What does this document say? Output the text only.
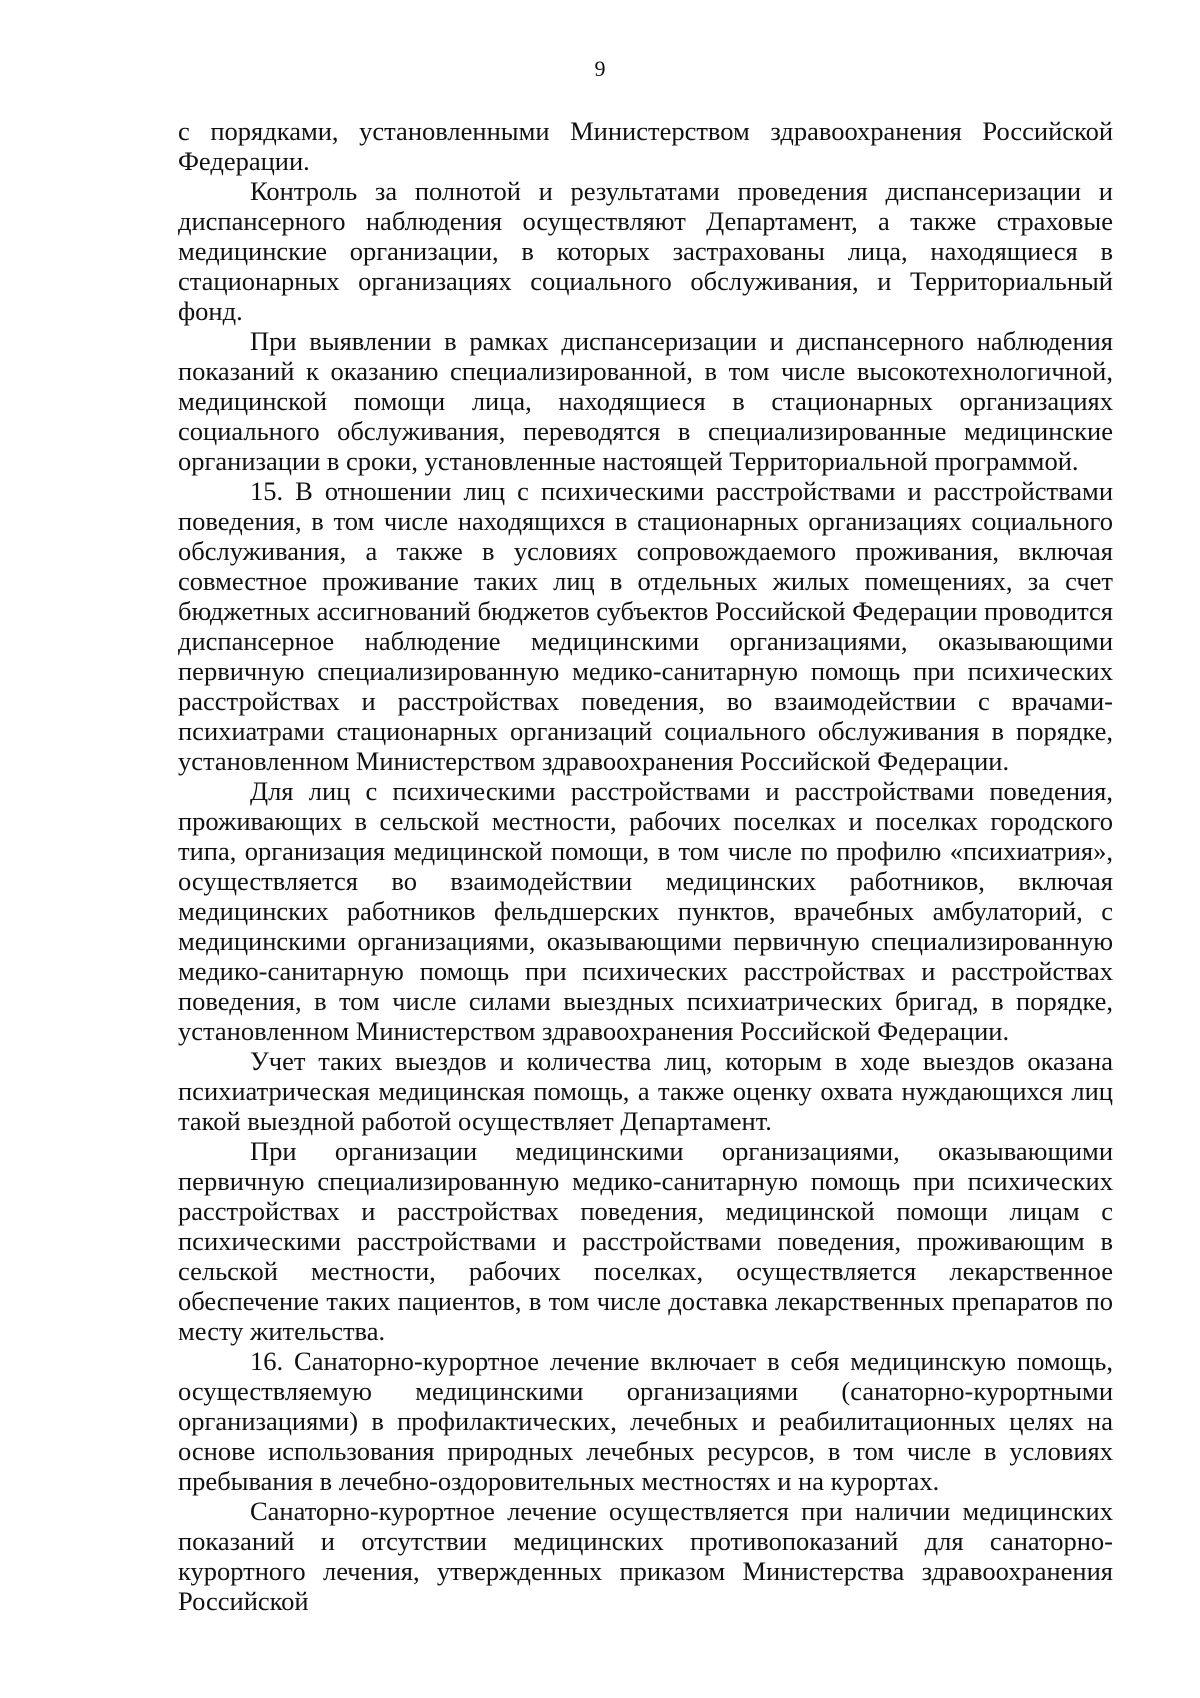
9

с порядками, установленными Министерством здравоохранения Российской Федерации.

Контроль за полнотой и результатами проведения диспансеризации и диспансерного наблюдения осуществляют Департамент, а также страховые медицинские организации, в которых застрахованы лица, находящиеся в стационарных организациях социального обслуживания, и Территориальный фонд.

При выявлении в рамках диспансеризации и диспансерного наблюдения показаний к оказанию специализированной, в том числе высокотехнологичной, медицинской помощи лица, находящиеся в стационарных организациях социального обслуживания, переводятся в специализированные медицинские организации в сроки, установленные настоящей Территориальной программой.

15. В отношении лиц с психическими расстройствами и расстройствами поведения, в том числе находящихся в стационарных организациях социального обслуживания, а также в условиях сопровождаемого проживания, включая совместное проживание таких лиц в отдельных жилых помещениях, за счет бюджетных ассигнований бюджетов субъектов Российской Федерации проводится диспансерное наблюдение медицинскими организациями, оказывающими первичную специализированную медико-санитарную помощь при психических расстройствах и расстройствах поведения, во взаимодействии с врачами-психиатрами стационарных организаций социального обслуживания в порядке, установленном Министерством здравоохранения Российской Федерации.

Для лиц с психическими расстройствами и расстройствами поведения, проживающих в сельской местности, рабочих поселках и поселках городского типа, организация медицинской помощи, в том числе по профилю «психиатрия», осуществляется во взаимодействии медицинских работников, включая медицинских работников фельдшерских пунктов, врачебных амбулаторий, с медицинскими организациями, оказывающими первичную специализированную медико-санитарную помощь при психических расстройствах и расстройствах поведения, в том числе силами выездных психиатрических бригад, в порядке, установленном Министерством здравоохранения Российской Федерации.

Учет таких выездов и количества лиц, которым в ходе выездов оказана психиатрическая медицинская помощь, а также оценку охвата нуждающихся лиц такой выездной работой осуществляет Департамент.

При организации медицинскими организациями, оказывающими первичную специализированную медико-санитарную помощь при психических расстройствах и расстройствах поведения, медицинской помощи лицам с психическими расстройствами и расстройствами поведения, проживающим в сельской местности, рабочих поселках, осуществляется лекарственное обеспечение таких пациентов, в том числе доставка лекарственных препаратов по месту жительства.

16. Санаторно-курортное лечение включает в себя медицинскую помощь, осуществляемую медицинскими организациями (санаторно-курортными организациями) в профилактических, лечебных и реабилитационных целях на основе использования природных лечебных ресурсов, в том числе в условиях пребывания в лечебно-оздоровительных местностях и на курортах.

Санаторно-курортное лечение осуществляется при наличии медицинских показаний и отсутствии медицинских противопоказаний для санаторно-курортного лечения, утвержденных приказом Министерства здравоохранения Российской
